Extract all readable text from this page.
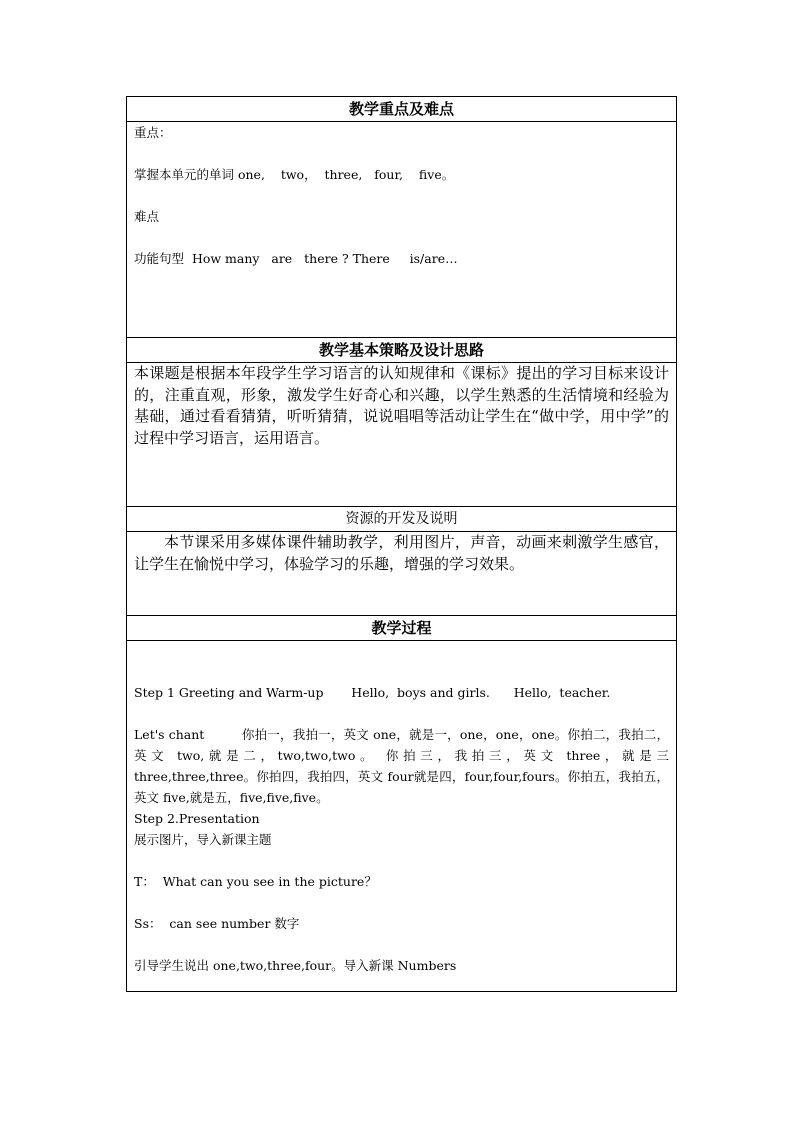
教学重点及难点

重点：

掌握本单元的单词 one,    two，  three,   four,    five。

难点

功能句型  How many   are   there ? There     is/are…

教学基本策略及设计思路

本课题是根据本年段学生学习语言的认知规律和《课标》提出的学习目标来设计的，注重直观，形象，激发学生好奇心和兴趣，以学生熟悉的生活情境和经验为基础，通过看看猜猜，听听猜猜，说说唱唱等活动让学生在“做中学，用中学”的过程中学习语言，运用语言。

资源的开发及说明

本节课采用多媒体课件辅助教学，利用图片，声音，动画来刺激学生感官，让学生在愉悦中学习，体验学习的乐趣，增强的学习效果。

教学过程

Step 1 Greeting and Warm-up       Hello,  boys and girls.      Hello,  teacher.

Let's chant         你拍一，我拍一，英文 one，就是一，one，one，one。你拍二，我拍二，英文 two,就是二，two,two,two。 你拍三，我拍三，英文 three，就是三 three,three,three。你拍四，我拍四，英文 four就是四，four,four,fours。你拍五，我拍五，英文 five,就是五，five,five,five。

Step 2.Presentation

展示图片，导入新课主题

T：  What can you see in the picture？

Ss：  can see number 数字

引导学生说出 one,two,three,four。导入新课 Numbers
